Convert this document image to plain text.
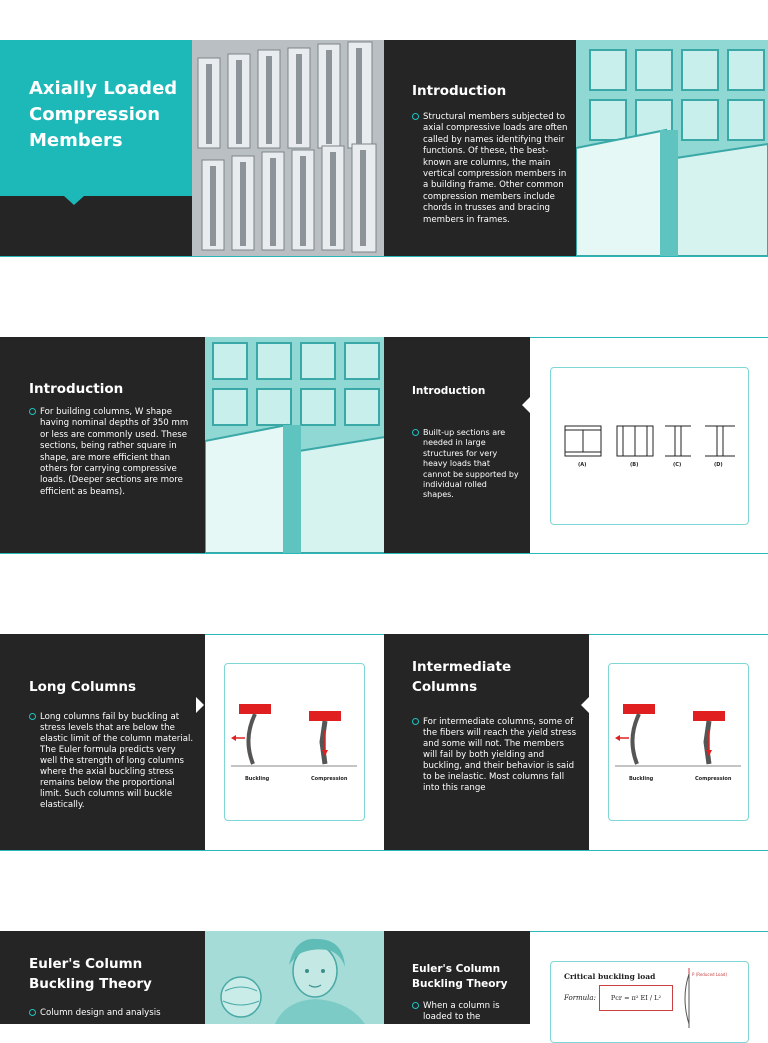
Axially Loaded Compression Members
Introduction

Structural members subjected to axial compressive loads are often called by names identifying their functions. Of these, the best-known are columns, the main vertical compression members in a building frame. Other common compression members include chords in trusses and bracing members in frames.

Introduction

For building columns, W shape having nominal depths of 350 mm or less are commonly used. These sections, being rather square in shape, are more efficient than others for carrying compressive loads. (Deeper sections are more efficient as beams).

Introduction

Built-up sections are needed in large structures for very heavy loads that cannot be supported by individual rolled shapes.

(A)	(B)	(C)	(D)
Long Columns

Long columns fail by buckling at stress levels that are below the elastic limit of the column material. The Euler formula predicts very well the strength of long columns where the axial buckling stress remains below the proportional limit. Such columns will buckle elastically.

Buckling	Compression
Intermediate Columns

For intermediate columns, some of the fibers will reach the yield stress and some will not. The members will fail by both yielding and buckling, and their behavior is said to be inelastic. Most columns fall into this range

Buckling	Compression
Euler's Column Buckling Theory

Column design and analysis

Euler's Column Buckling Theory

When a column is loaded to the

Critical buckling load
Formula:	Pcr = π² EI / L²
P (Reduced Load)
